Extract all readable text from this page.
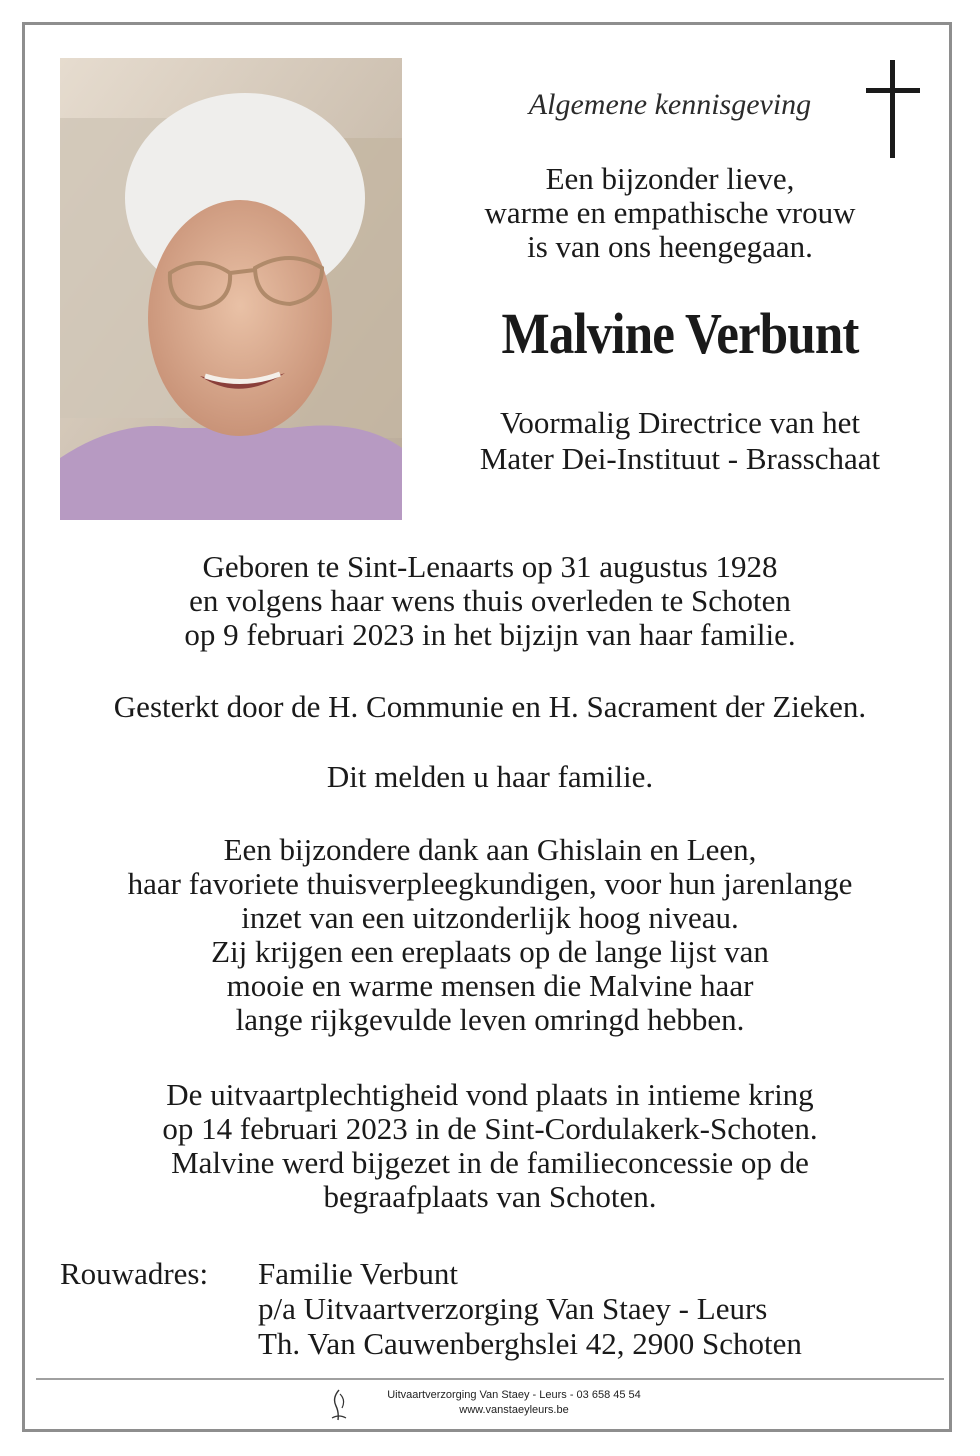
Algemene kennisgeving
Een bijzonder lieve,
warme en empathische vrouw
is van ons heengegaan.
Malvine Verbunt
Voormalig Directrice van het
Mater Dei-Instituut - Brasschaat
Geboren te Sint-Lenaarts op 31 augustus 1928
en volgens haar wens thuis overleden te Schoten
op 9 februari 2023 in het bijzijn van haar familie.
Gesterkt door de H. Communie en H. Sacrament der Zieken.
Dit melden u haar familie.
Een bijzondere dank aan Ghislain en Leen,
haar favoriete thuisverpleegkundigen, voor hun jarenlange
inzet van een uitzonderlijk hoog niveau.
Zij krijgen een ereplaats op de lange lijst van
mooie en warme mensen die Malvine haar
lange rijkgevulde leven omringd hebben.
De uitvaartplechtigheid vond plaats in intieme kring
op 14 februari 2023 in de Sint-Cordulakerk-Schoten.
Malvine werd bijgezet in de familieconcessie op de
begraafplaats van Schoten.
Rouwadres: Familie Verbunt
p/a Uitvaartverzorging Van Staey - Leurs
Th. Van Cauwenberghslei 42, 2900 Schoten
Uitvaartverzorging Van Staey - Leurs - 03 658 45 54
www.vanstaeyleurs.be
